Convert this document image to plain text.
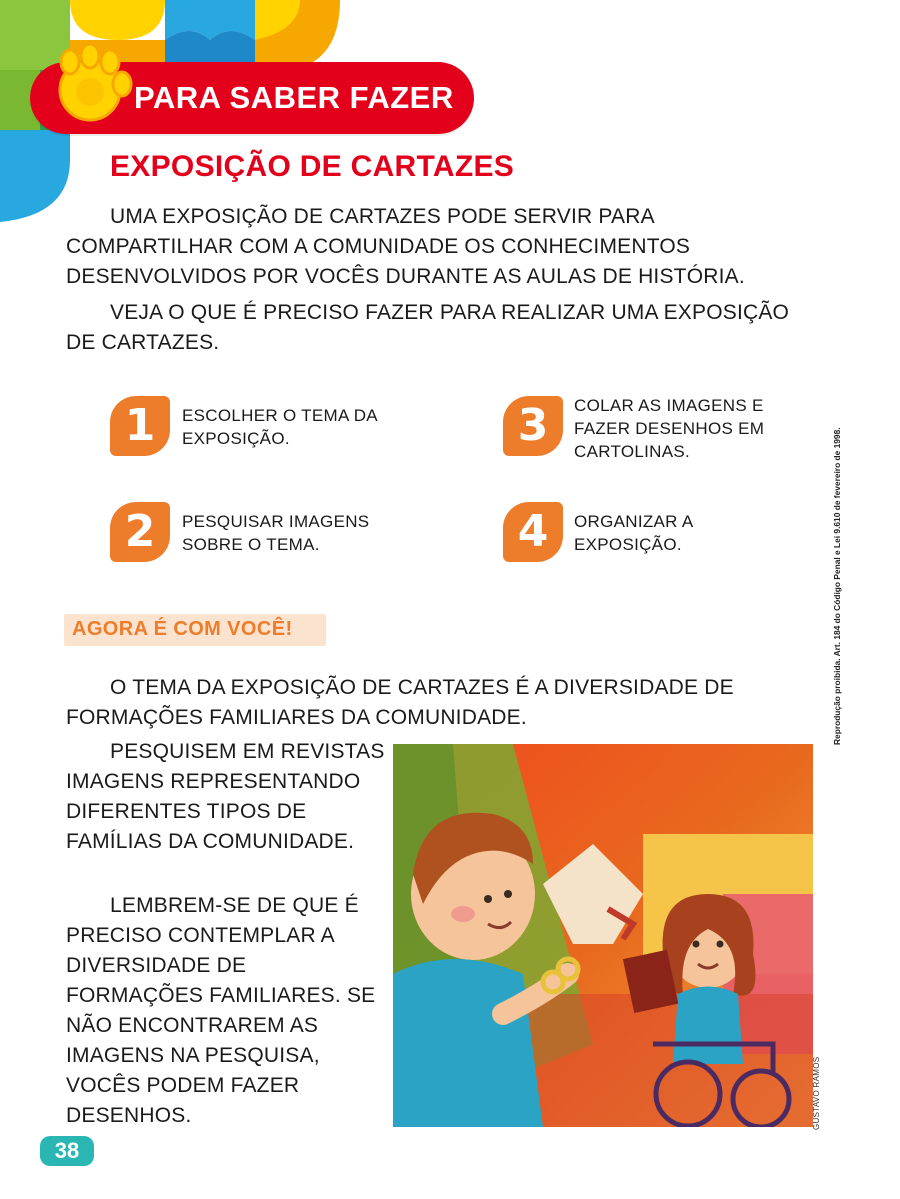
PARA SABER FAZER
EXPOSIÇÃO DE CARTAZES
UMA EXPOSIÇÃO DE CARTAZES PODE SERVIR PARA COMPARTILHAR COM A COMUNIDADE OS CONHECIMENTOS DESENVOLVIDOS POR VOCÊS DURANTE AS AULAS DE HISTÓRIA.
VEJA O QUE É PRECISO FAZER PARA REALIZAR UMA EXPOSIÇÃO DE CARTAZES.
1	ESCOLHER O TEMA DA EXPOSIÇÃO.
2	PESQUISAR IMAGENS SOBRE O TEMA.
3	COLAR AS IMAGENS E FAZER DESENHOS EM CARTOLINAS.
4	ORGANIZAR A EXPOSIÇÃO.
AGORA É COM VOCÊ!
O TEMA DA EXPOSIÇÃO DE CARTAZES É A DIVERSIDADE DE FORMAÇÕES FAMILIARES DA COMUNIDADE.
PESQUISEM EM REVISTAS IMAGENS REPRESENTANDO DIFERENTES TIPOS DE FAMÍLIAS DA COMUNIDADE.
LEMBREM-SE DE QUE É PRECISO CONTEMPLAR A DIVERSIDADE DE FORMAÇÕES FAMILIARES. SE NÃO ENCONTRAREM AS IMAGENS NA PESQUISA, VOCÊS PODEM FAZER DESENHOS.	GUSTAVO RAMOS
Reprodução proibida. Art. 184 do Código Penal e Lei 9.610 de fevereiro de 1998.
38
